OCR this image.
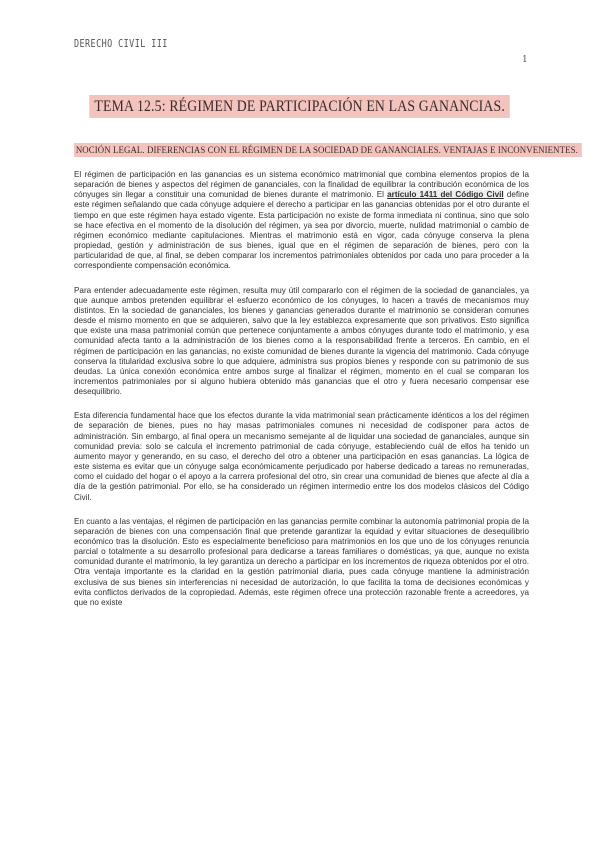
DERECHO CIVIL III
1
TEMA 12.5: RÉGIMEN DE PARTICIPACIÓN EN LAS GANANCIAS.
NOCIÓN LEGAL. DIFERENCIAS CON EL RÉGIMEN DE LA SOCIEDAD DE GANANCIALES. VENTAJAS E INCONVENIENTES.

El régimen de participación en las ganancias es un sistema económico matrimonial que combina elementos propios de la separación de bienes y aspectos del régimen de gananciales, con la finalidad de equilibrar la contribución económica de los cónyuges sin llegar a constituir una comunidad de bienes durante el matrimonio. El artículo 1411 del Código Civil define este régimen señalando que cada cónyuge adquiere el derecho a participar en las ganancias obtenidas por el otro durante el tiempo en que este régimen haya estado vigente. Esta participación no existe de forma inmediata ni continua, sino que solo se hace efectiva en el momento de la disolución del régimen, ya sea por divorcio, muerte, nulidad matrimonial o cambio de régimen económico mediante capitulaciones. Mientras el matrimonio está en vigor, cada cónyuge conserva la plena propiedad, gestión y administración de sus bienes, igual que en el régimen de separación de bienes, pero con la particularidad de que, al final, se deben comparar los incrementos patrimoniales obtenidos por cada uno para proceder a la correspondiente compensación económica.

Para entender adecuadamente este régimen, resulta muy útil compararlo con el régimen de la sociedad de gananciales, ya que aunque ambos pretenden equilibrar el esfuerzo económico de los cónyuges, lo hacen a través de mecanismos muy distintos. En la sociedad de gananciales, los bienes y ganancias generados durante el matrimonio se consideran comunes desde el mismo momento en que se adquieren, salvo que la ley establezca expresamente que son privativos. Esto significa que existe una masa patrimonial común que pertenece conjuntamente a ambos cónyuges durante todo el matrimonio, y esa comunidad afecta tanto a la administración de los bienes como a la responsabilidad frente a terceros. En cambio, en el régimen de participación en las ganancias, no existe comunidad de bienes durante la vigencia del matrimonio. Cada cónyuge conserva la titularidad exclusiva sobre lo que adquiere, administra sus propios bienes y responde con su patrimonio de sus deudas. La única conexión económica entre ambos surge al finalizar el régimen, momento en el cual se comparan los incrementos patrimoniales por si alguno hubiera obtenido más ganancias que el otro y fuera necesario compensar ese desequilibrio.

Esta diferencia fundamental hace que los efectos durante la vida matrimonial sean prácticamente idénticos a los del régimen de separación de bienes, pues no hay masas patrimoniales comunes ni necesidad de codisponer para actos de administración. Sin embargo, al final opera un mecanismo semejante al de liquidar una sociedad de gananciales, aunque sin comunidad previa: solo se calcula el incremento patrimonial de cada cónyuge, estableciendo cuál de ellos ha tenido un aumento mayor y generando, en su caso, el derecho del otro a obtener una participación en esas ganancias. La lógica de este sistema es evitar que un cónyuge salga económicamente perjudicado por haberse dedicado a tareas no remuneradas, como el cuidado del hogar o el apoyo a la carrera profesional del otro, sin crear una comunidad de bienes que afecte al día a día de la gestión patrimonial. Por ello, se ha considerado un régimen intermedio entre los dos modelos clásicos del Código Civil.

En cuanto a las ventajas, el régimen de participación en las ganancias permite combinar la autonomía patrimonial propia de la separación de bienes con una compensación final que pretende garantizar la equidad y evitar situaciones de desequilibrio económico tras la disolución. Esto es especialmente beneficioso para matrimonios en los que uno de los cónyuges renuncia parcial o totalmente a su desarrollo profesional para dedicarse a tareas familiares o domésticas, ya que, aunque no exista comunidad durante el matrimonio, la ley garantiza un derecho a participar en los incrementos de riqueza obtenidos por el otro. Otra ventaja importante es la claridad en la gestión patrimonial diaria, pues cada cónyuge mantiene la administración exclusiva de sus bienes sin interferencias ni necesidad de autorización, lo que facilita la toma de decisiones económicas y evita conflictos derivados de la copropiedad. Además, este régimen ofrece una protección razonable frente a acreedores, ya que no existe
